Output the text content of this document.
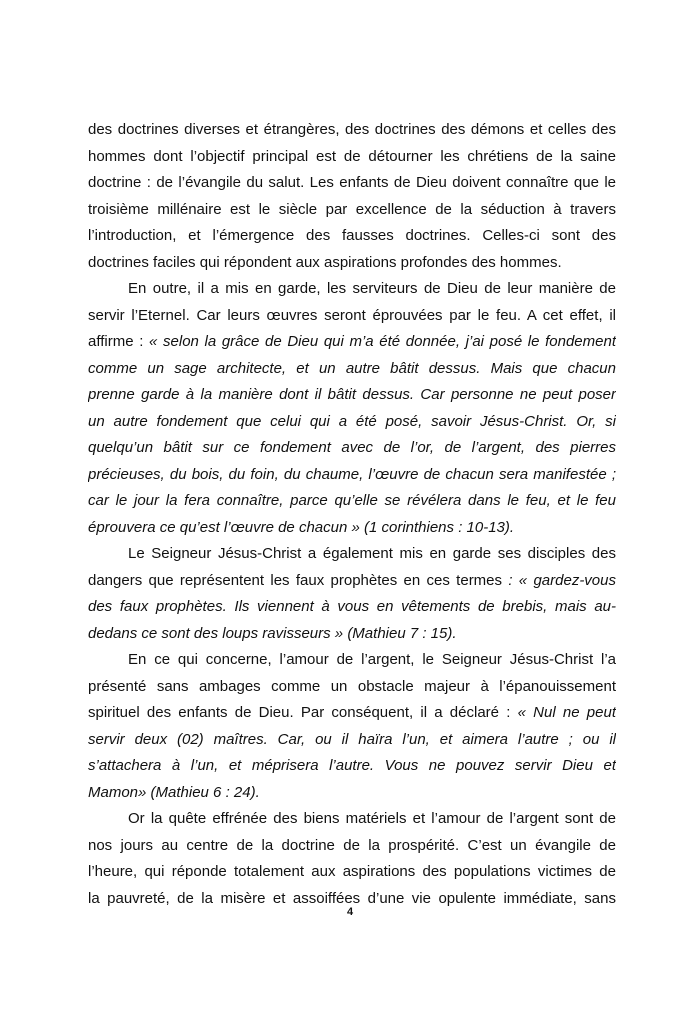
des doctrines diverses et étrangères, des doctrines des démons et celles des
hommes dont l’objectif principal est de détourner les chrétiens de la saine
doctrine : de l’évangile du salut. Les enfants de Dieu doivent connaître que le
troisième millénaire est le siècle par excellence de la séduction à travers
l’introduction, et l’émergence des fausses doctrines. Celles-ci sont des
doctrines faciles qui répondent aux aspirations profondes des hommes.
En outre, il a mis en garde, les serviteurs de Dieu de leur manière de
servir l’Eternel. Car leurs œuvres seront éprouvées par le feu. A cet effet, il
affirme : « selon la grâce de Dieu qui m’a été donnée, j’ai posé le fondement
comme un sage architecte, et un autre bâtit dessus. Mais que chacun
prenne garde à la manière dont il bâtit dessus. Car personne ne peut poser
un autre fondement que celui qui a été posé, savoir Jésus-Christ. Or, si
quelqu’un bâtit sur ce fondement avec de l’or, de l’argent, des pierres
précieuses, du bois, du foin, du chaume, l’œuvre de chacun sera manifestée ;
car le jour la fera connaître, parce qu’elle se révélera dans le feu, et le feu
éprouvera ce qu’est l’œuvre de chacun » (1 corinthiens : 10-13).
Le Seigneur Jésus-Christ a également mis en garde ses disciples des
dangers que représentent les faux prophètes en ces termes : « gardez-vous
des faux prophètes. Ils viennent à vous en vêtements de brebis, mais au-
dedans ce sont des loups ravisseurs » (Mathieu 7 : 15).
En ce qui concerne, l’amour de l’argent, le Seigneur Jésus-Christ l’a
présenté sans ambages comme un obstacle majeur à l’épanouissement
spirituel des enfants de Dieu. Par conséquent, il a déclaré : « Nul ne peut
servir deux (02) maîtres. Car, ou il haïra l’un, et aimera l’autre ; ou il
s’attachera à l’un, et méprisera l’autre. Vous ne pouvez servir Dieu et
Mamon» (Mathieu 6 : 24).
Or la quête effrénée des biens matériels et l’amour de l’argent sont de
nos jours au centre de la doctrine de la prospérité. C’est un évangile de
l’heure, qui réponde totalement aux aspirations des populations victimes de
la pauvreté, de la misère et assoiffées d’une vie opulente immédiate, sans
4
